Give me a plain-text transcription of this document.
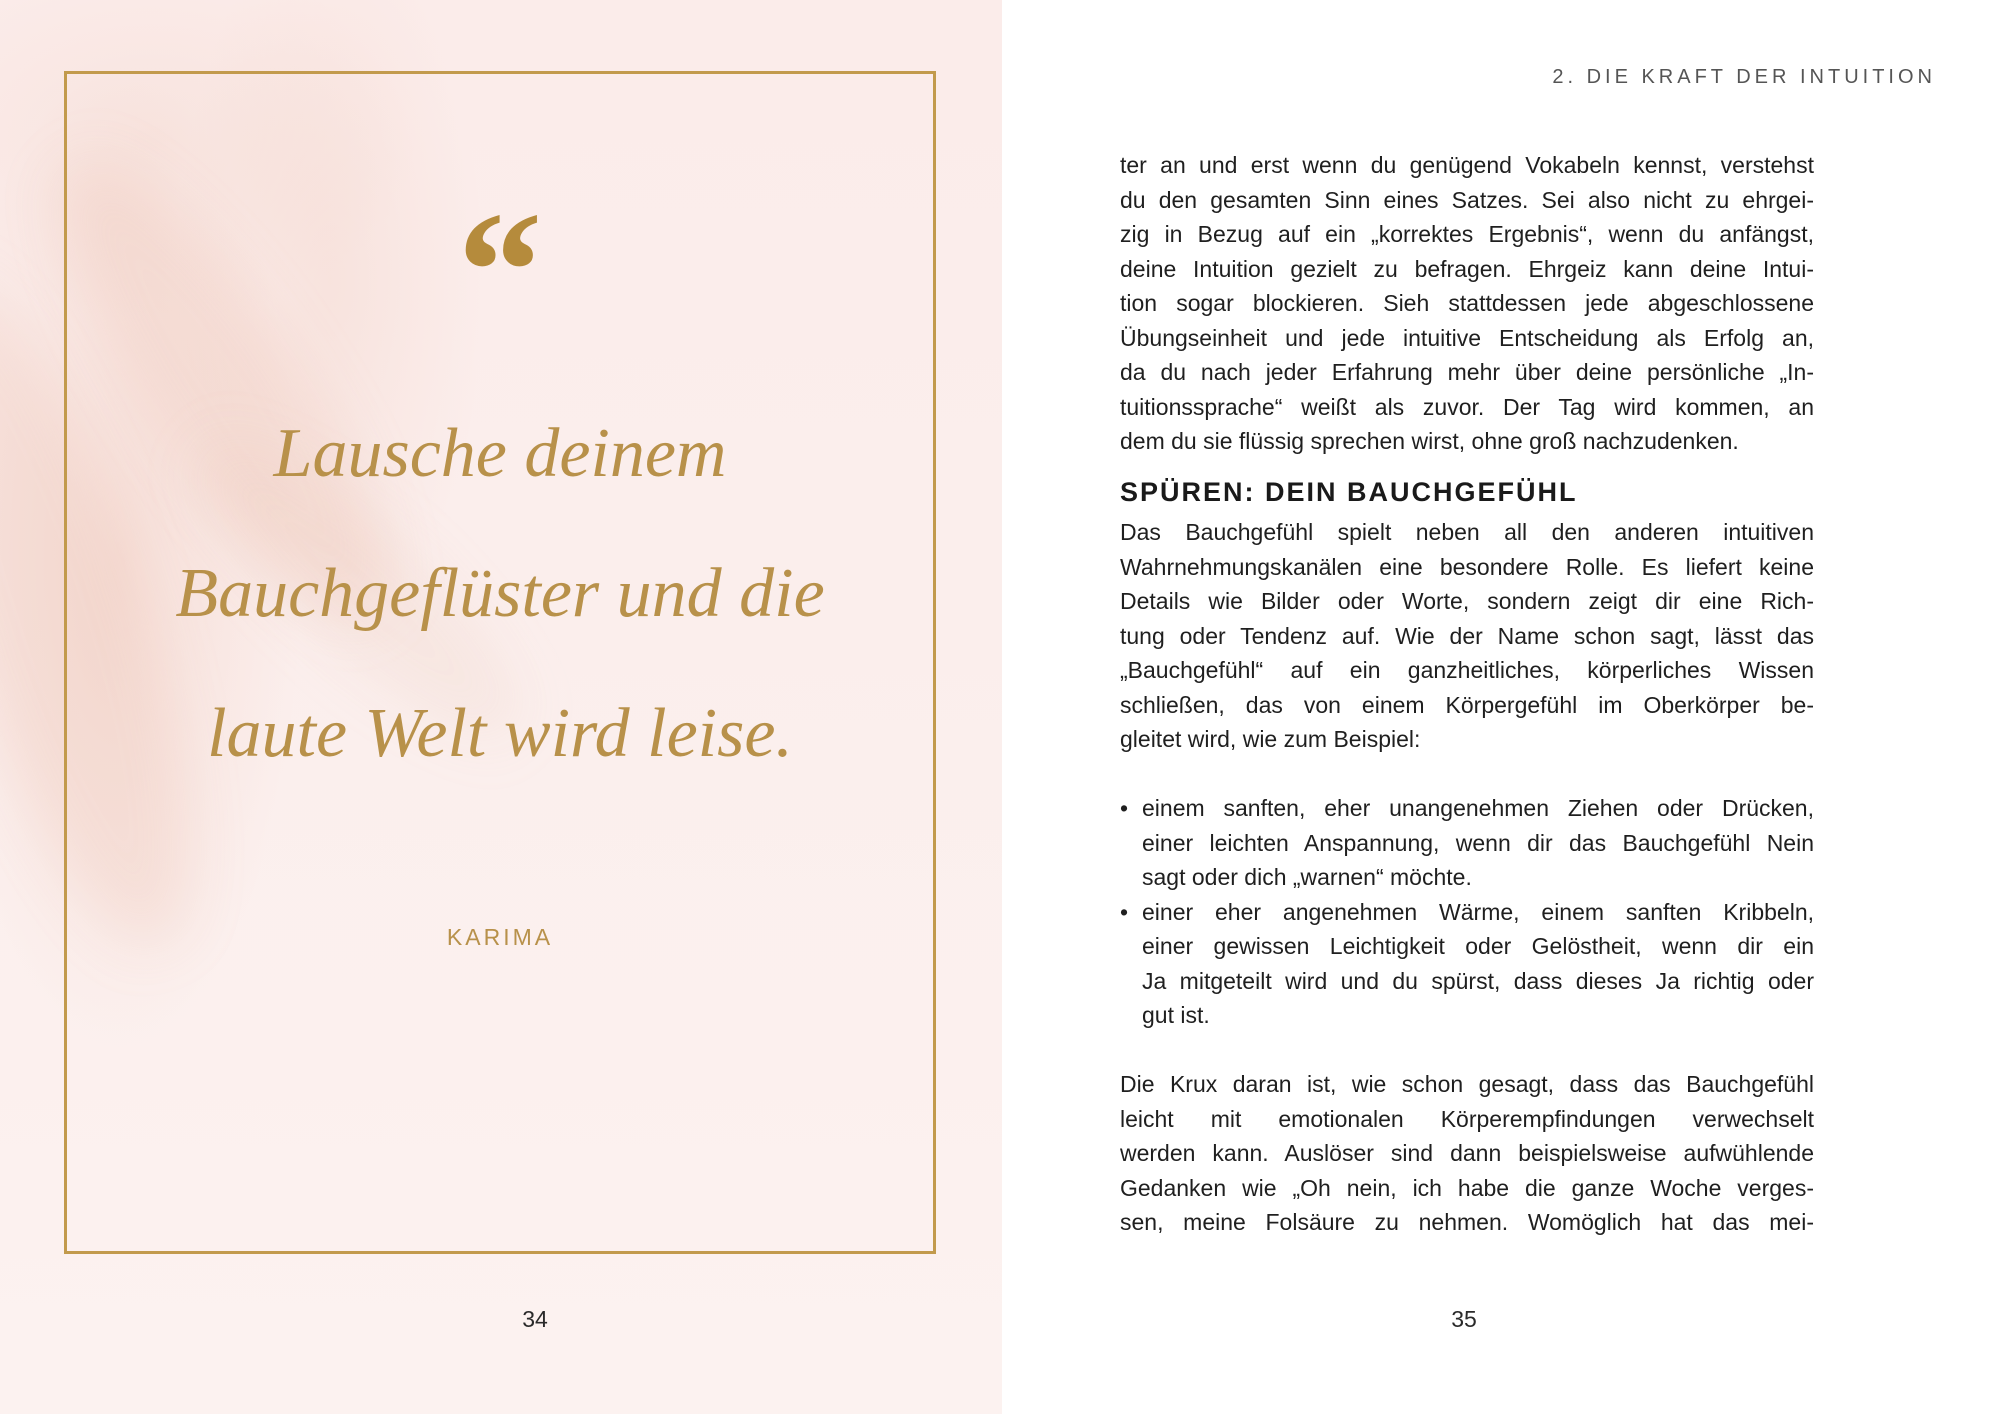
“
Lausche deinem
Bauchgeflüster und die
laute Welt wird leise.
KARIMA
34
2. DIE KRAFT DER INTUITION
ter an und erst wenn du genügend Vokabeln kennst, verstehst
du den gesamten Sinn eines Satzes. Sei also nicht zu ehrgei-
zig in Bezug auf ein „korrektes Ergebnis“, wenn du anfängst,
deine Intuition gezielt zu befragen. Ehrgeiz kann deine Intui-
tion sogar blockieren. Sieh stattdessen jede abgeschlossene
Übungseinheit und jede intuitive Entscheidung als Erfolg an,
da du nach jeder Erfahrung mehr über deine persönliche „In-
tuitionssprache“ weißt als zuvor. Der Tag wird kommen, an
dem du sie flüssig sprechen wirst, ohne groß nachzudenken.
SPÜREN: DEIN BAUCHGEFÜHL
Das Bauchgefühl spielt neben all den anderen intuitiven
Wahrnehmungskanälen eine besondere Rolle. Es liefert keine
Details wie Bilder oder Worte, sondern zeigt dir eine Rich-
tung oder Tendenz auf. Wie der Name schon sagt, lässt das
„Bauchgefühl“ auf ein ganzheitliches, körperliches Wissen
schließen, das von einem Körpergefühl im Oberkörper be-
gleitet wird, wie zum Beispiel:
• einem sanften, eher unangenehmen Ziehen oder Drücken,
einer leichten Anspannung, wenn dir das Bauchgefühl Nein
sagt oder dich „warnen“ möchte.
• einer eher angenehmen Wärme, einem sanften Kribbeln,
einer gewissen Leichtigkeit oder Gelöstheit, wenn dir ein
Ja mitgeteilt wird und du spürst, dass dieses Ja richtig oder
gut ist.
Die Krux daran ist, wie schon gesagt, dass das Bauchgefühl
leicht mit emotionalen Körperempfindungen verwechselt
werden kann. Auslöser sind dann beispielsweise aufwühlende
Gedanken wie „Oh nein, ich habe die ganze Woche verges-
sen, meine Folsäure zu nehmen. Womöglich hat das mei-
35
